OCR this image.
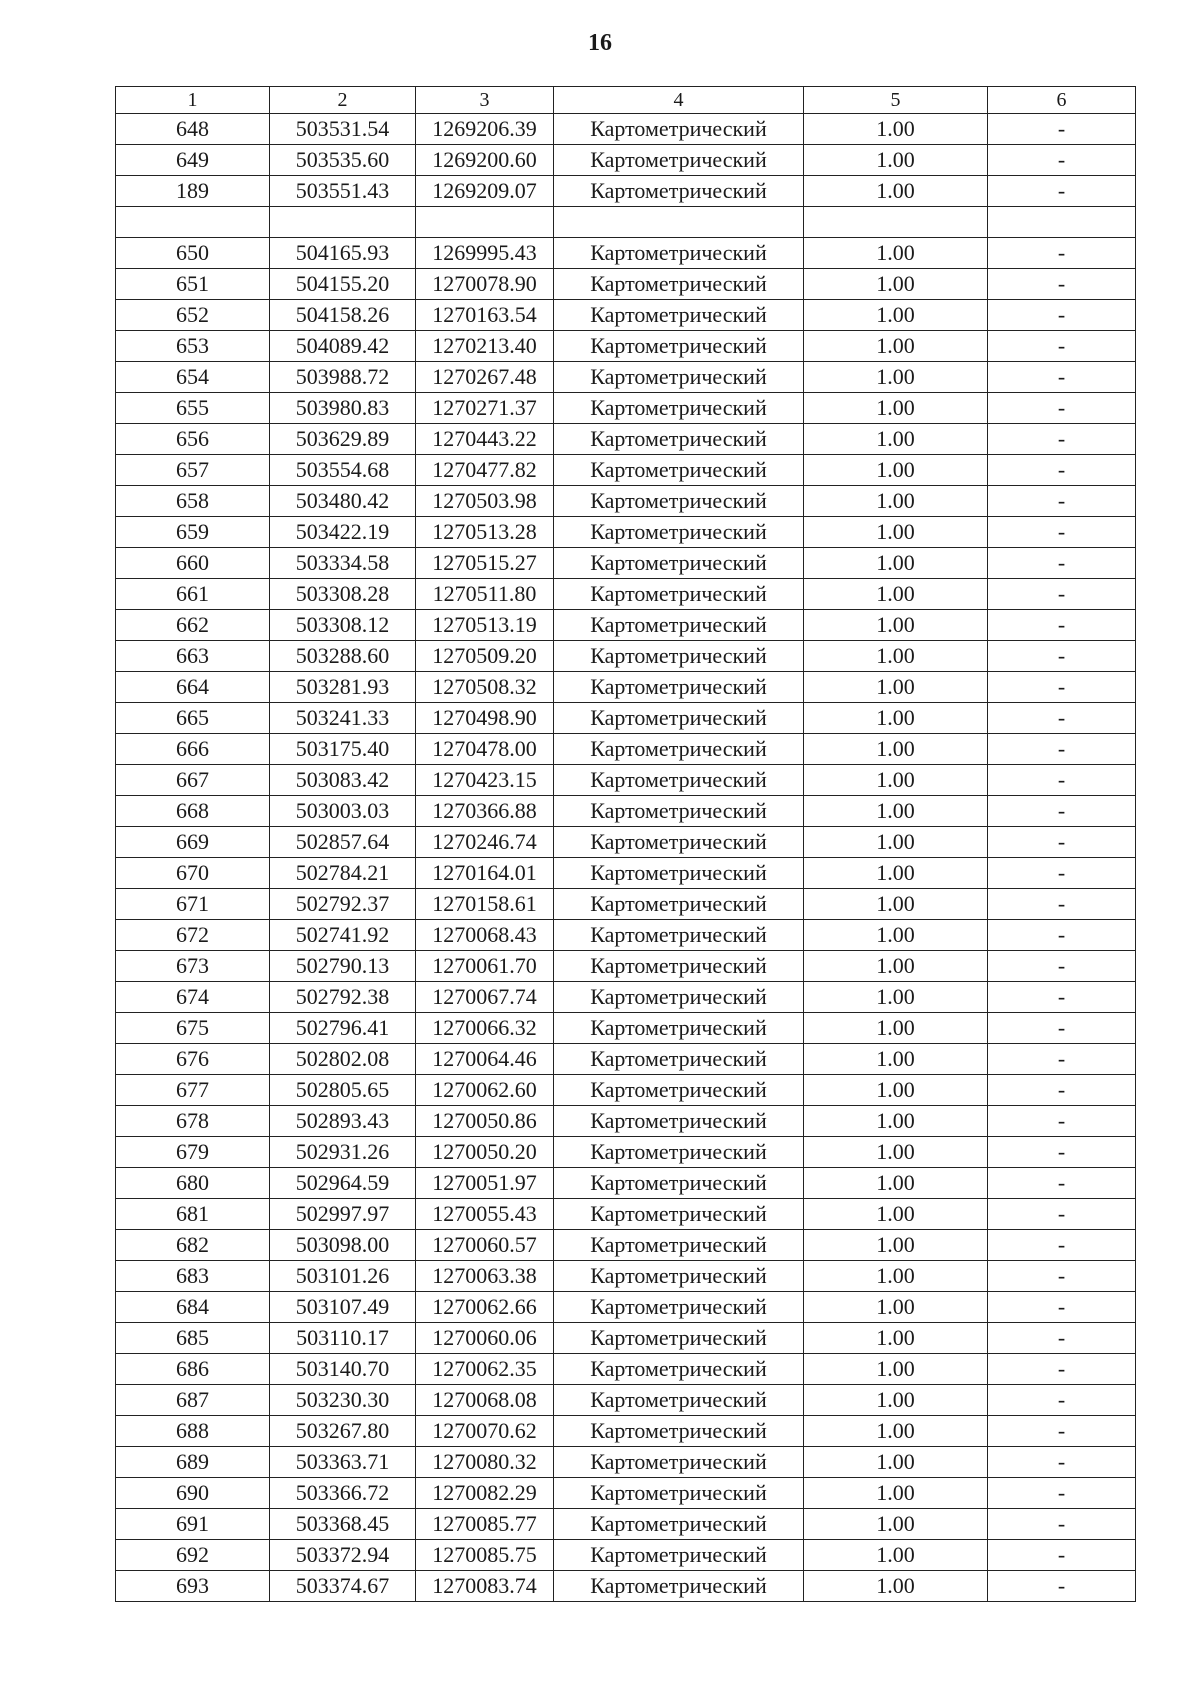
16
1	2	3	4	5	6
648	503531.54	1269206.39	Картометрический	1.00	-
649	503535.60	1269200.60	Картометрический	1.00	-
189	503551.43	1269209.07	Картометрический	1.00	-

650	504165.93	1269995.43	Картометрический	1.00	-
651	504155.20	1270078.90	Картометрический	1.00	-
652	504158.26	1270163.54	Картометрический	1.00	-
653	504089.42	1270213.40	Картометрический	1.00	-
654	503988.72	1270267.48	Картометрический	1.00	-
655	503980.83	1270271.37	Картометрический	1.00	-
656	503629.89	1270443.22	Картометрический	1.00	-
657	503554.68	1270477.82	Картометрический	1.00	-
658	503480.42	1270503.98	Картометрический	1.00	-
659	503422.19	1270513.28	Картометрический	1.00	-
660	503334.58	1270515.27	Картометрический	1.00	-
661	503308.28	1270511.80	Картометрический	1.00	-
662	503308.12	1270513.19	Картометрический	1.00	-
663	503288.60	1270509.20	Картометрический	1.00	-
664	503281.93	1270508.32	Картометрический	1.00	-
665	503241.33	1270498.90	Картометрический	1.00	-
666	503175.40	1270478.00	Картометрический	1.00	-
667	503083.42	1270423.15	Картометрический	1.00	-
668	503003.03	1270366.88	Картометрический	1.00	-
669	502857.64	1270246.74	Картометрический	1.00	-
670	502784.21	1270164.01	Картометрический	1.00	-
671	502792.37	1270158.61	Картометрический	1.00	-
672	502741.92	1270068.43	Картометрический	1.00	-
673	502790.13	1270061.70	Картометрический	1.00	-
674	502792.38	1270067.74	Картометрический	1.00	-
675	502796.41	1270066.32	Картометрический	1.00	-
676	502802.08	1270064.46	Картометрический	1.00	-
677	502805.65	1270062.60	Картометрический	1.00	-
678	502893.43	1270050.86	Картометрический	1.00	-
679	502931.26	1270050.20	Картометрический	1.00	-
680	502964.59	1270051.97	Картометрический	1.00	-
681	502997.97	1270055.43	Картометрический	1.00	-
682	503098.00	1270060.57	Картометрический	1.00	-
683	503101.26	1270063.38	Картометрический	1.00	-
684	503107.49	1270062.66	Картометрический	1.00	-
685	503110.17	1270060.06	Картометрический	1.00	-
686	503140.70	1270062.35	Картометрический	1.00	-
687	503230.30	1270068.08	Картометрический	1.00	-
688	503267.80	1270070.62	Картометрический	1.00	-
689	503363.71	1270080.32	Картометрический	1.00	-
690	503366.72	1270082.29	Картометрический	1.00	-
691	503368.45	1270085.77	Картометрический	1.00	-
692	503372.94	1270085.75	Картометрический	1.00	-
693	503374.67	1270083.74	Картометрический	1.00	-
